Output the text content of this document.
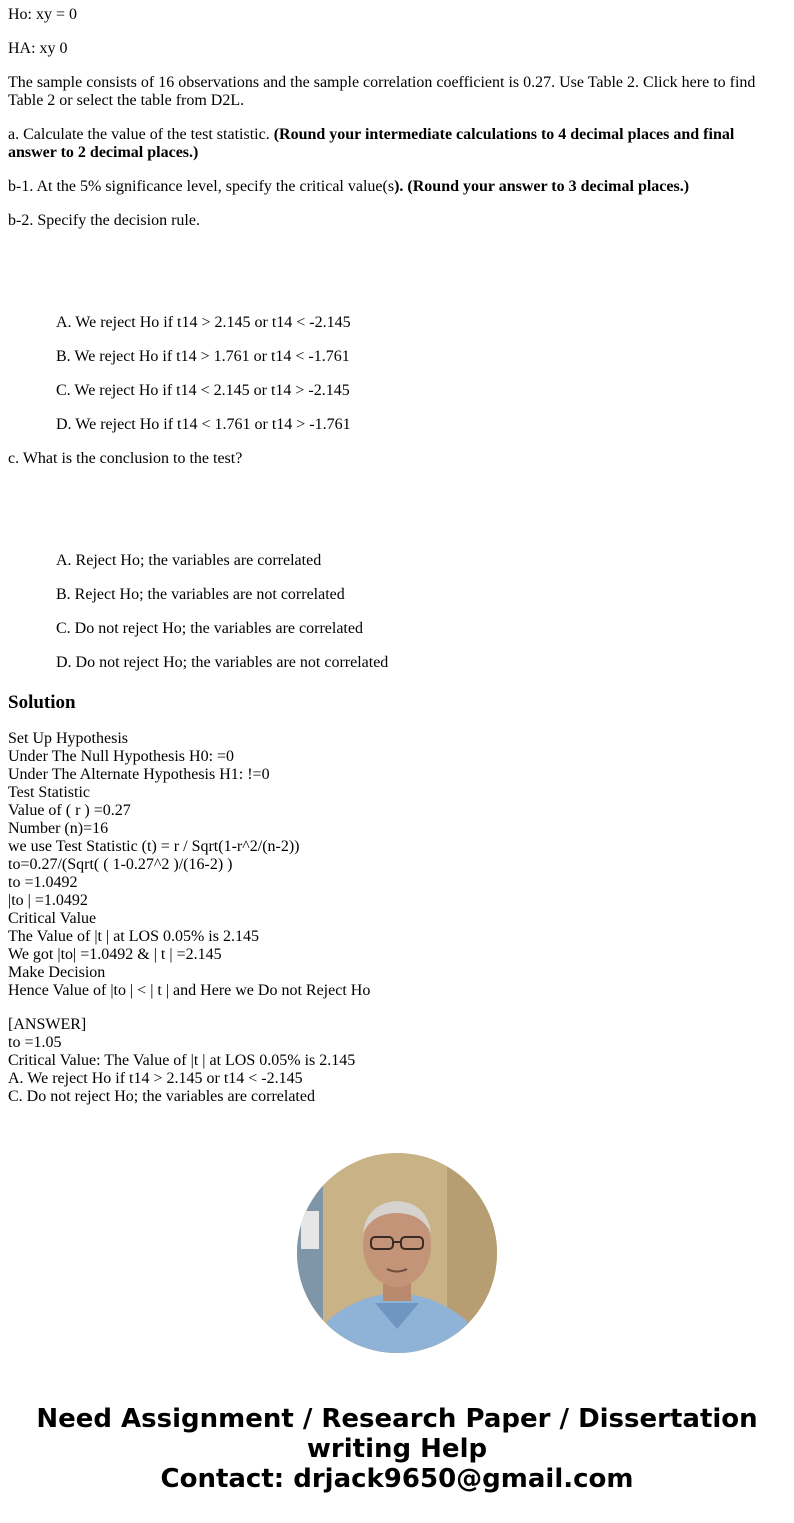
Ho: xy = 0

HA: xy 0

The sample consists of 16 observations and the sample correlation coefficient is 0.27. Use Table 2. Click here to find Table 2 or select the table from D2L.

a. Calculate the value of the test statistic. (Round your intermediate calculations to 4 decimal places and final answer to 2 decimal places.)

b-1. At the 5% significance level, specify the critical value(s). (Round your answer to 3 decimal places.)

b-2. Specify the decision rule.

A. We reject Ho if t14 > 2.145 or t14 < -2.145

B. We reject Ho if t14 > 1.761 or t14 < -1.761

C. We reject Ho if t14 < 2.145 or t14 > -2.145

D. We reject Ho if t14 < 1.761 or t14 > -1.761

c. What is the conclusion to the test?

A. Reject Ho; the variables are correlated

B. Reject Ho; the variables are not correlated

C. Do not reject Ho; the variables are correlated

D. Do not reject Ho; the variables are not correlated

Solution
Set Up Hypothesis
Under The Null Hypothesis H0: =0
Under The Alternate Hypothesis H1: !=0
Test Statistic
Value of ( r ) =0.27
Number (n)=16
we use Test Statistic (t) = r / Sqrt(1-r^2/(n-2))
to=0.27/(Sqrt( ( 1-0.27^2 )/(16-2) )
to =1.0492
|to | =1.0492
Critical Value
The Value of |t | at LOS 0.05% is 2.145
We got |to| =1.0492 & | t | =2.145
Make Decision
Hence Value of |to | < | t | and Here we Do not Reject Ho
[ANSWER]
to =1.05
Critical Value: The Value of |t | at LOS 0.05% is 2.145
A. We reject Ho if t14 > 2.145 or t14 < -2.145
C. Do not reject Ho; the variables are correlated
Need Assignment / Research Paper / Dissertation
writing Help
Contact: drjack9650@gmail.com
